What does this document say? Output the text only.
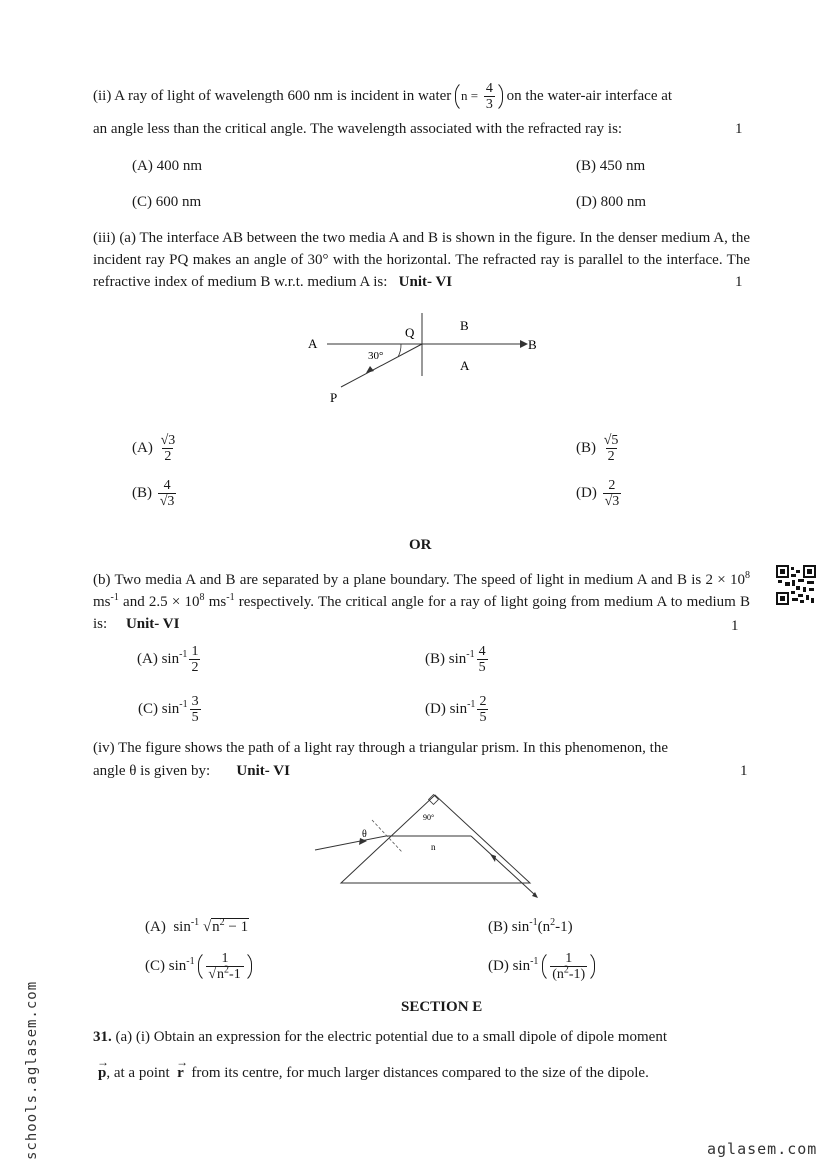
(ii) A ray of light of wavelength 600 nm is incident in water $n = \frac{4}{3}$ on the water-air interface at
an angle less than the critical angle. The wavelength associated with the refracted ray is:	1
(A) 400 nm	(B) 450 nm
(C) 600 nm	(D) 800 nm
(iii) (a) The interface AB between the two media A and B is shown in the figure. In the denser medium A, the incident ray PQ makes an angle of 30° with the horizontal. The refracted ray is parallel to the interface. The refractive index of medium B w.r.t. medium A is: Unit- VI	1
A	B
Q
P
B
A
30°
$(A) \frac{√3}{2}$	$(B) \frac{√5}{2}$
$(B) \frac{4}{√3}$	$(D) \frac{2}{√3}$
OR
(b) Two media A and B are separated by a plane boundary. The speed of light in medium A and B is $2 \times 10^8$ $ms^{-1}$ and $2.5 \times 10^8$ $ms^{-1}$ respectively. The critical angle for a ray of light going from medium A to medium B is: Unit- VI	1
(A) $\sin^{-1} \frac{1}{2}$	(B) $\sin^{-1} \frac{4}{5}$
(C) $\sin^{-1} \frac{3}{5}$	(D) $\sin^{-1} \frac{2}{5}$
(iv) The figure shows the path of a light ray through a triangular prism. In this phenomenon, the
angle θ is given by: Unit- VI	1
θ
90°
n
(A) $\sin^{-1} √n^2 - 1$	(B) $\sin^{-1}(n^2-1)$
(C) $\sin^{-1} \frac{1}{√n^2-1}$	(D) $\sin^{-1} \frac{1}{(n^2-1)}$
SECTION E
31. (a) (i) Obtain an expression for the electric potential due to a small dipole of dipole moment
→
p, at a point
→
r from its centre, for much larger distances compared to the size of the dipole.
schools.aglasem.com	aglasem.com
